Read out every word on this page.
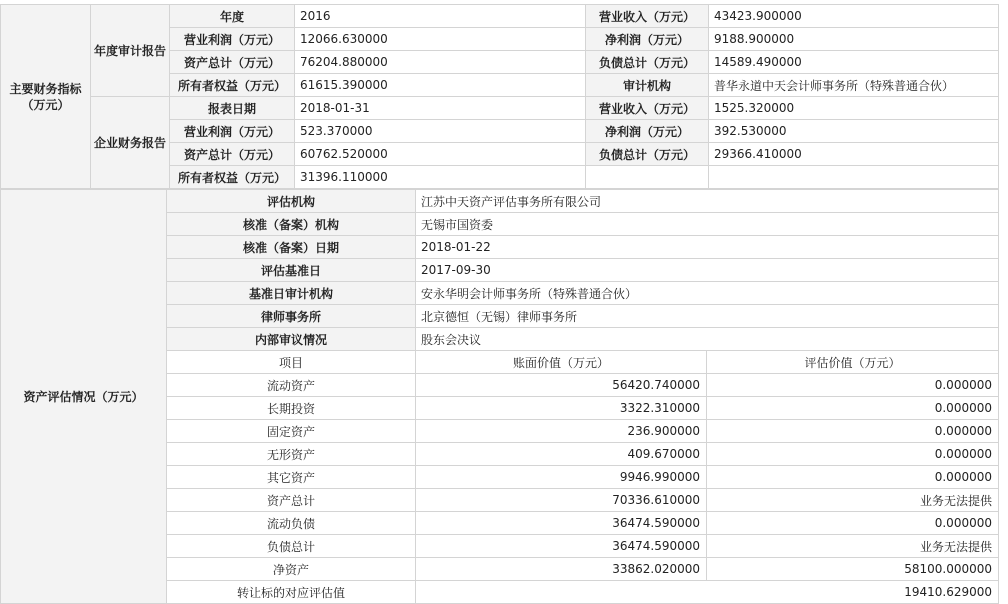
主要财务指标（万元）	年度审计报告	年度	2016	营业收入（万元）	43423.900000
		营业利润（万元）	12066.630000	净利润（万元）	9188.900000
		资产总计（万元）	76204.880000	负债总计（万元）	14589.490000
		所有者权益（万元）	61615.390000	审计机构	普华永道中天会计师事务所（特殊普通合伙）
	企业财务报告	报表日期	2018-01-31	营业收入（万元）	1525.320000
		营业利润（万元）	523.370000	净利润（万元）	392.530000
		资产总计（万元）	60762.520000	负债总计（万元）	29366.410000
		所有者权益（万元）	31396.110000		
资产评估情况（万元）	评估机构	江苏中天资产评估事务所有限公司	
	核准（备案）机构	无锡市国资委	
	核准（备案）日期	2018-01-22	
	评估基准日	2017-09-30	
	基准日审计机构	安永华明会计师事务所（特殊普通合伙）	
	律师事务所	北京德恒（无锡）律师事务所	
	内部审议情况	股东会决议	
	项目	账面价值（万元）	评估价值（万元）
	流动资产	56420.740000	0.000000
	长期投资	3322.310000	0.000000
	固定资产	236.900000	0.000000
	无形资产	409.670000	0.000000
	其它资产	9946.990000	0.000000
	资产总计	70336.610000	业务无法提供
	流动负债	36474.590000	0.000000
	负债总计	36474.590000	业务无法提供
	净资产	33862.020000	58100.000000
	转让标的对应评估值	19410.629000	
